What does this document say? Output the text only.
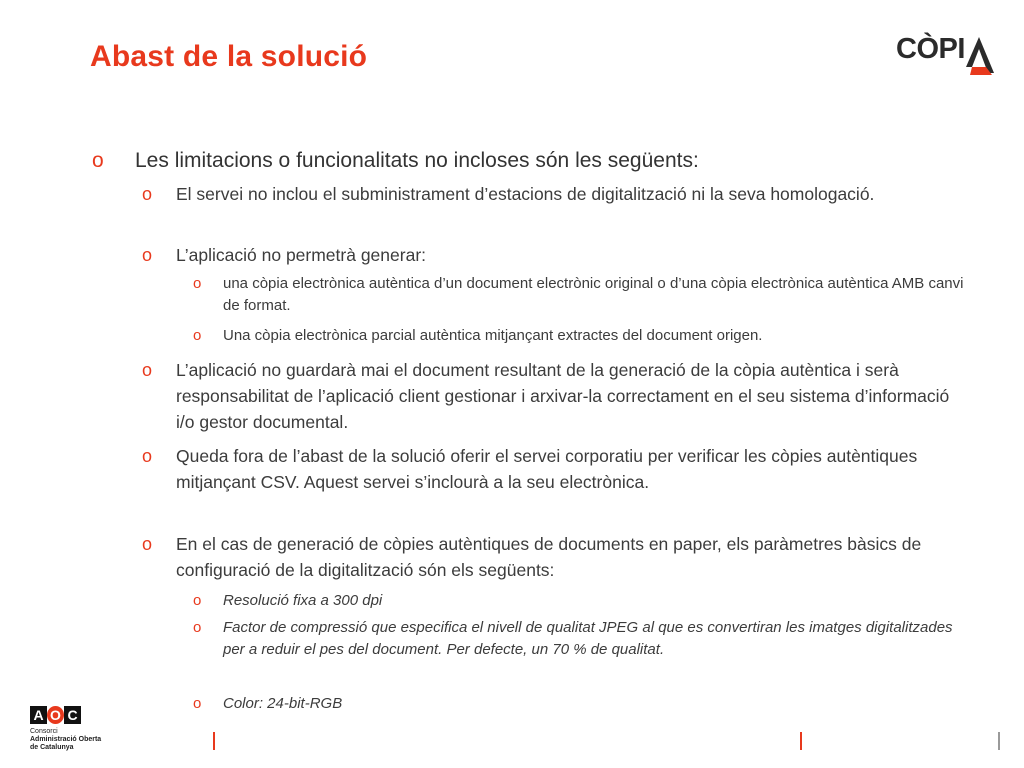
Abast de la solució	CÒPI
o Les limitacions o funcionalitats no incloses són les següents:
o El servei no inclou el subministrament d’estacions de digitalització ni la seva homologació.
o L’aplicació no permetrà generar:
o una còpia electrònica autèntica d’un document electrònic original o d’una còpia electrònica autèntica AMB canvi de format.
o Una còpia electrònica parcial autèntica mitjançant extractes del document origen.
o L’aplicació no guardarà mai el document resultant de la generació de la còpia autèntica i serà responsabilitat de l’aplicació client gestionar i arxivar-la correctament en el seu sistema d’informació i/o gestor documental.
o Queda fora de l’abast de la solució oferir el servei corporatiu per verificar les còpies autèntiques mitjançant CSV. Aquest servei s’inclourà a la seu electrònica.
o En el cas de generació de còpies autèntiques de documents en paper, els paràmetres bàsics de configuració de la digitalització són els següents:
o Resolució fixa a 300 dpi
o Factor de compressió que especifica el nivell de qualitat JPEG al que es convertiran les imatges digitalitzades per a reduir el pes del document. Per defecte, un 70 % de qualitat.
o Color: 24-bit-RGB
A O C
Consorci
Administració Oberta
de Catalunya
